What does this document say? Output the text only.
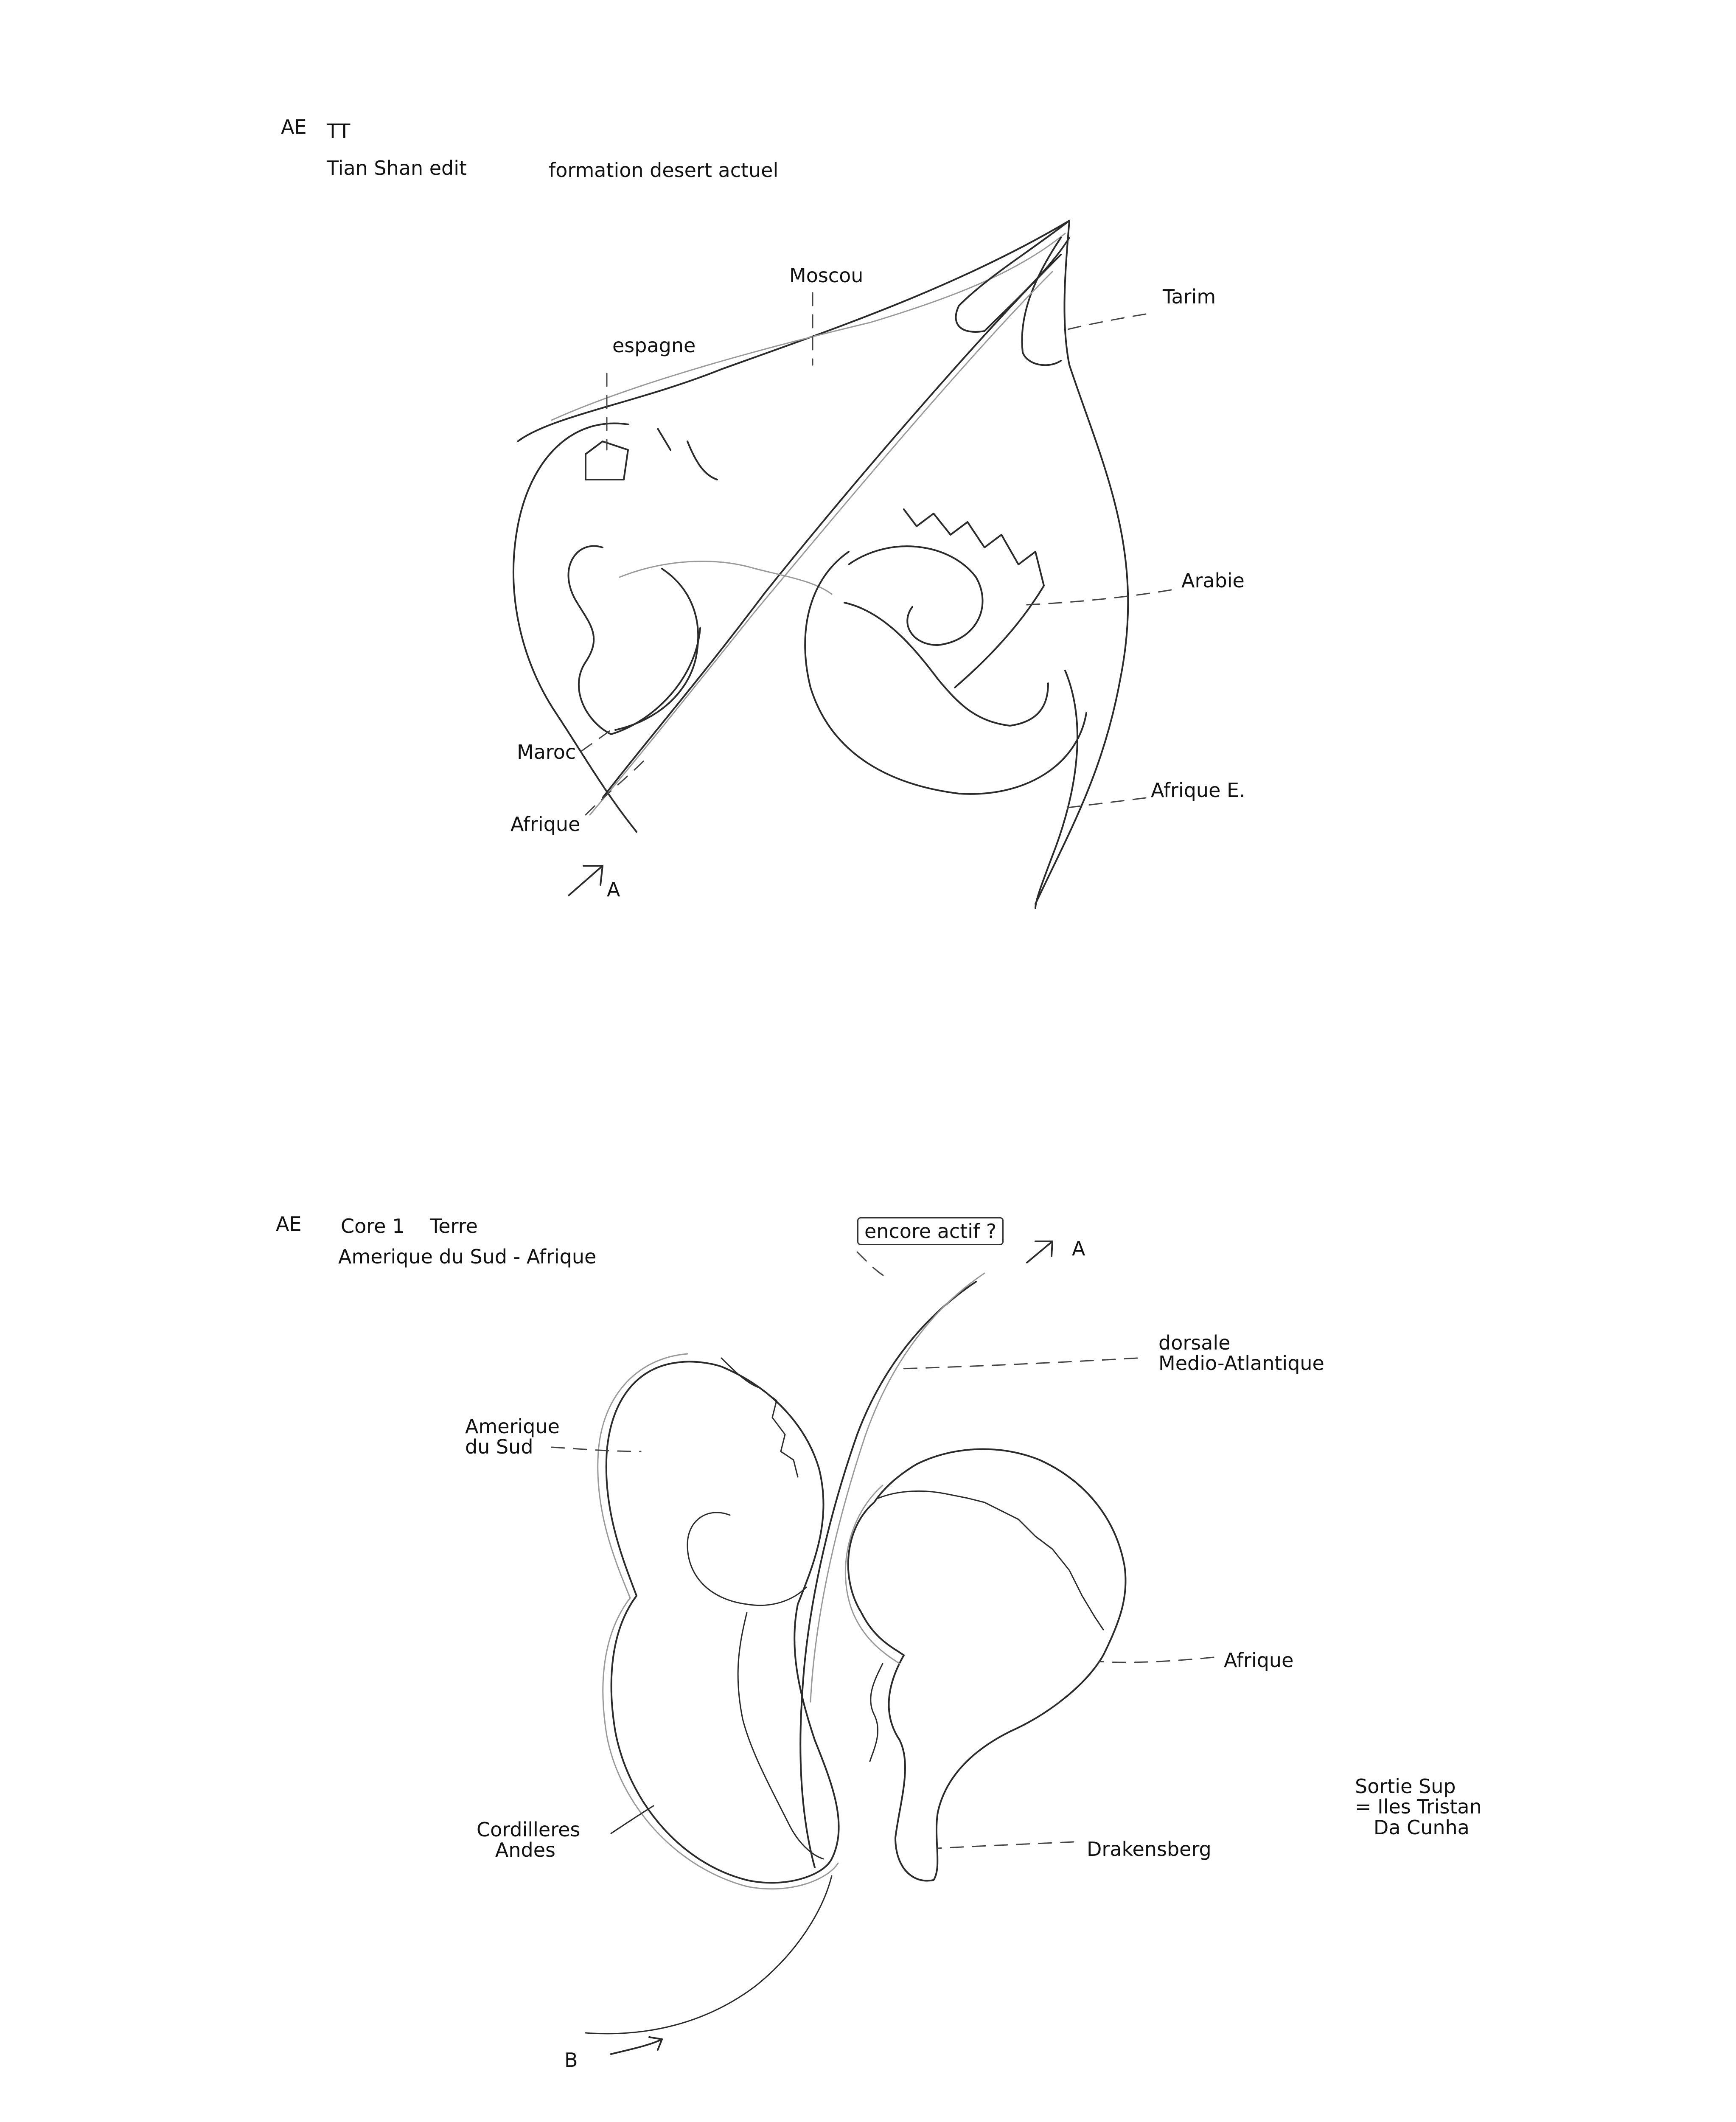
AE TT
Tian Shan edit	formation desert actuel
Moscou
Tarim
espagne
Arabie
Maroc
Afrique
Afrique E.
A
AE Core 1 Terre
Amerique du Sud - Afrique
encore actif ?
A
dorsale
Medio-Atlantique
Amerique
du Sud
Afrique
Sortie Sup
= Iles Tristan
Da Cunha
Cordilleres
Andes	Drakensberg
B
